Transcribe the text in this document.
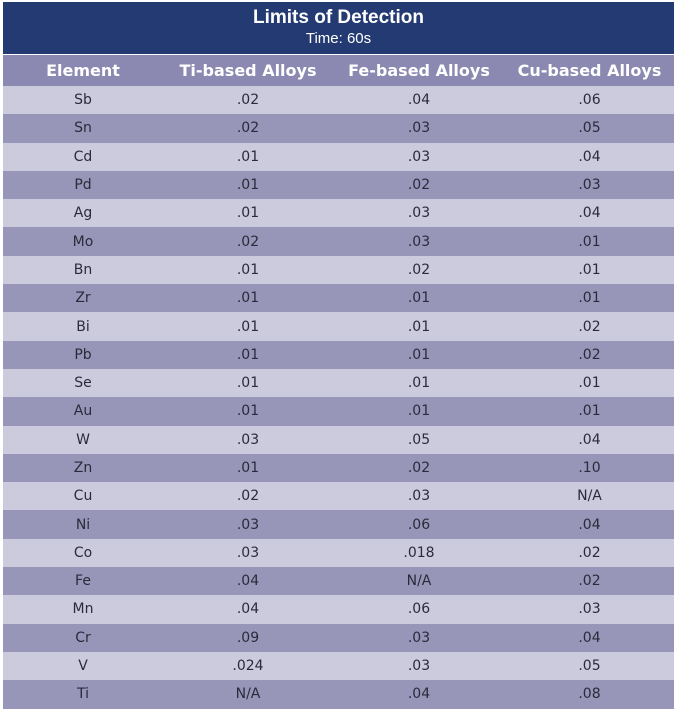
Limits of Detection
Time: 60s
Element	Ti-based Alloys	Fe-based Alloys	Cu-based Alloys
Sb	.02	.04	.06
Sn	.02	.03	.05
Cd	.01	.03	.04
Pd	.01	.02	.03
Ag	.01	.03	.04
Mo	.02	.03	.01
Bn	.01	.02	.01
Zr	.01	.01	.01
Bi	.01	.01	.02
Pb	.01	.01	.02
Se	.01	.01	.01
Au	.01	.01	.01
W	.03	.05	.04
Zn	.01	.02	.10
Cu	.02	.03	N/A
Ni	.03	.06	.04
Co	.03	.018	.02
Fe	.04	N/A	.02
Mn	.04	.06	.03
Cr	.09	.03	.04
V	.024	.03	.05
Ti	N/A	.04	.08
